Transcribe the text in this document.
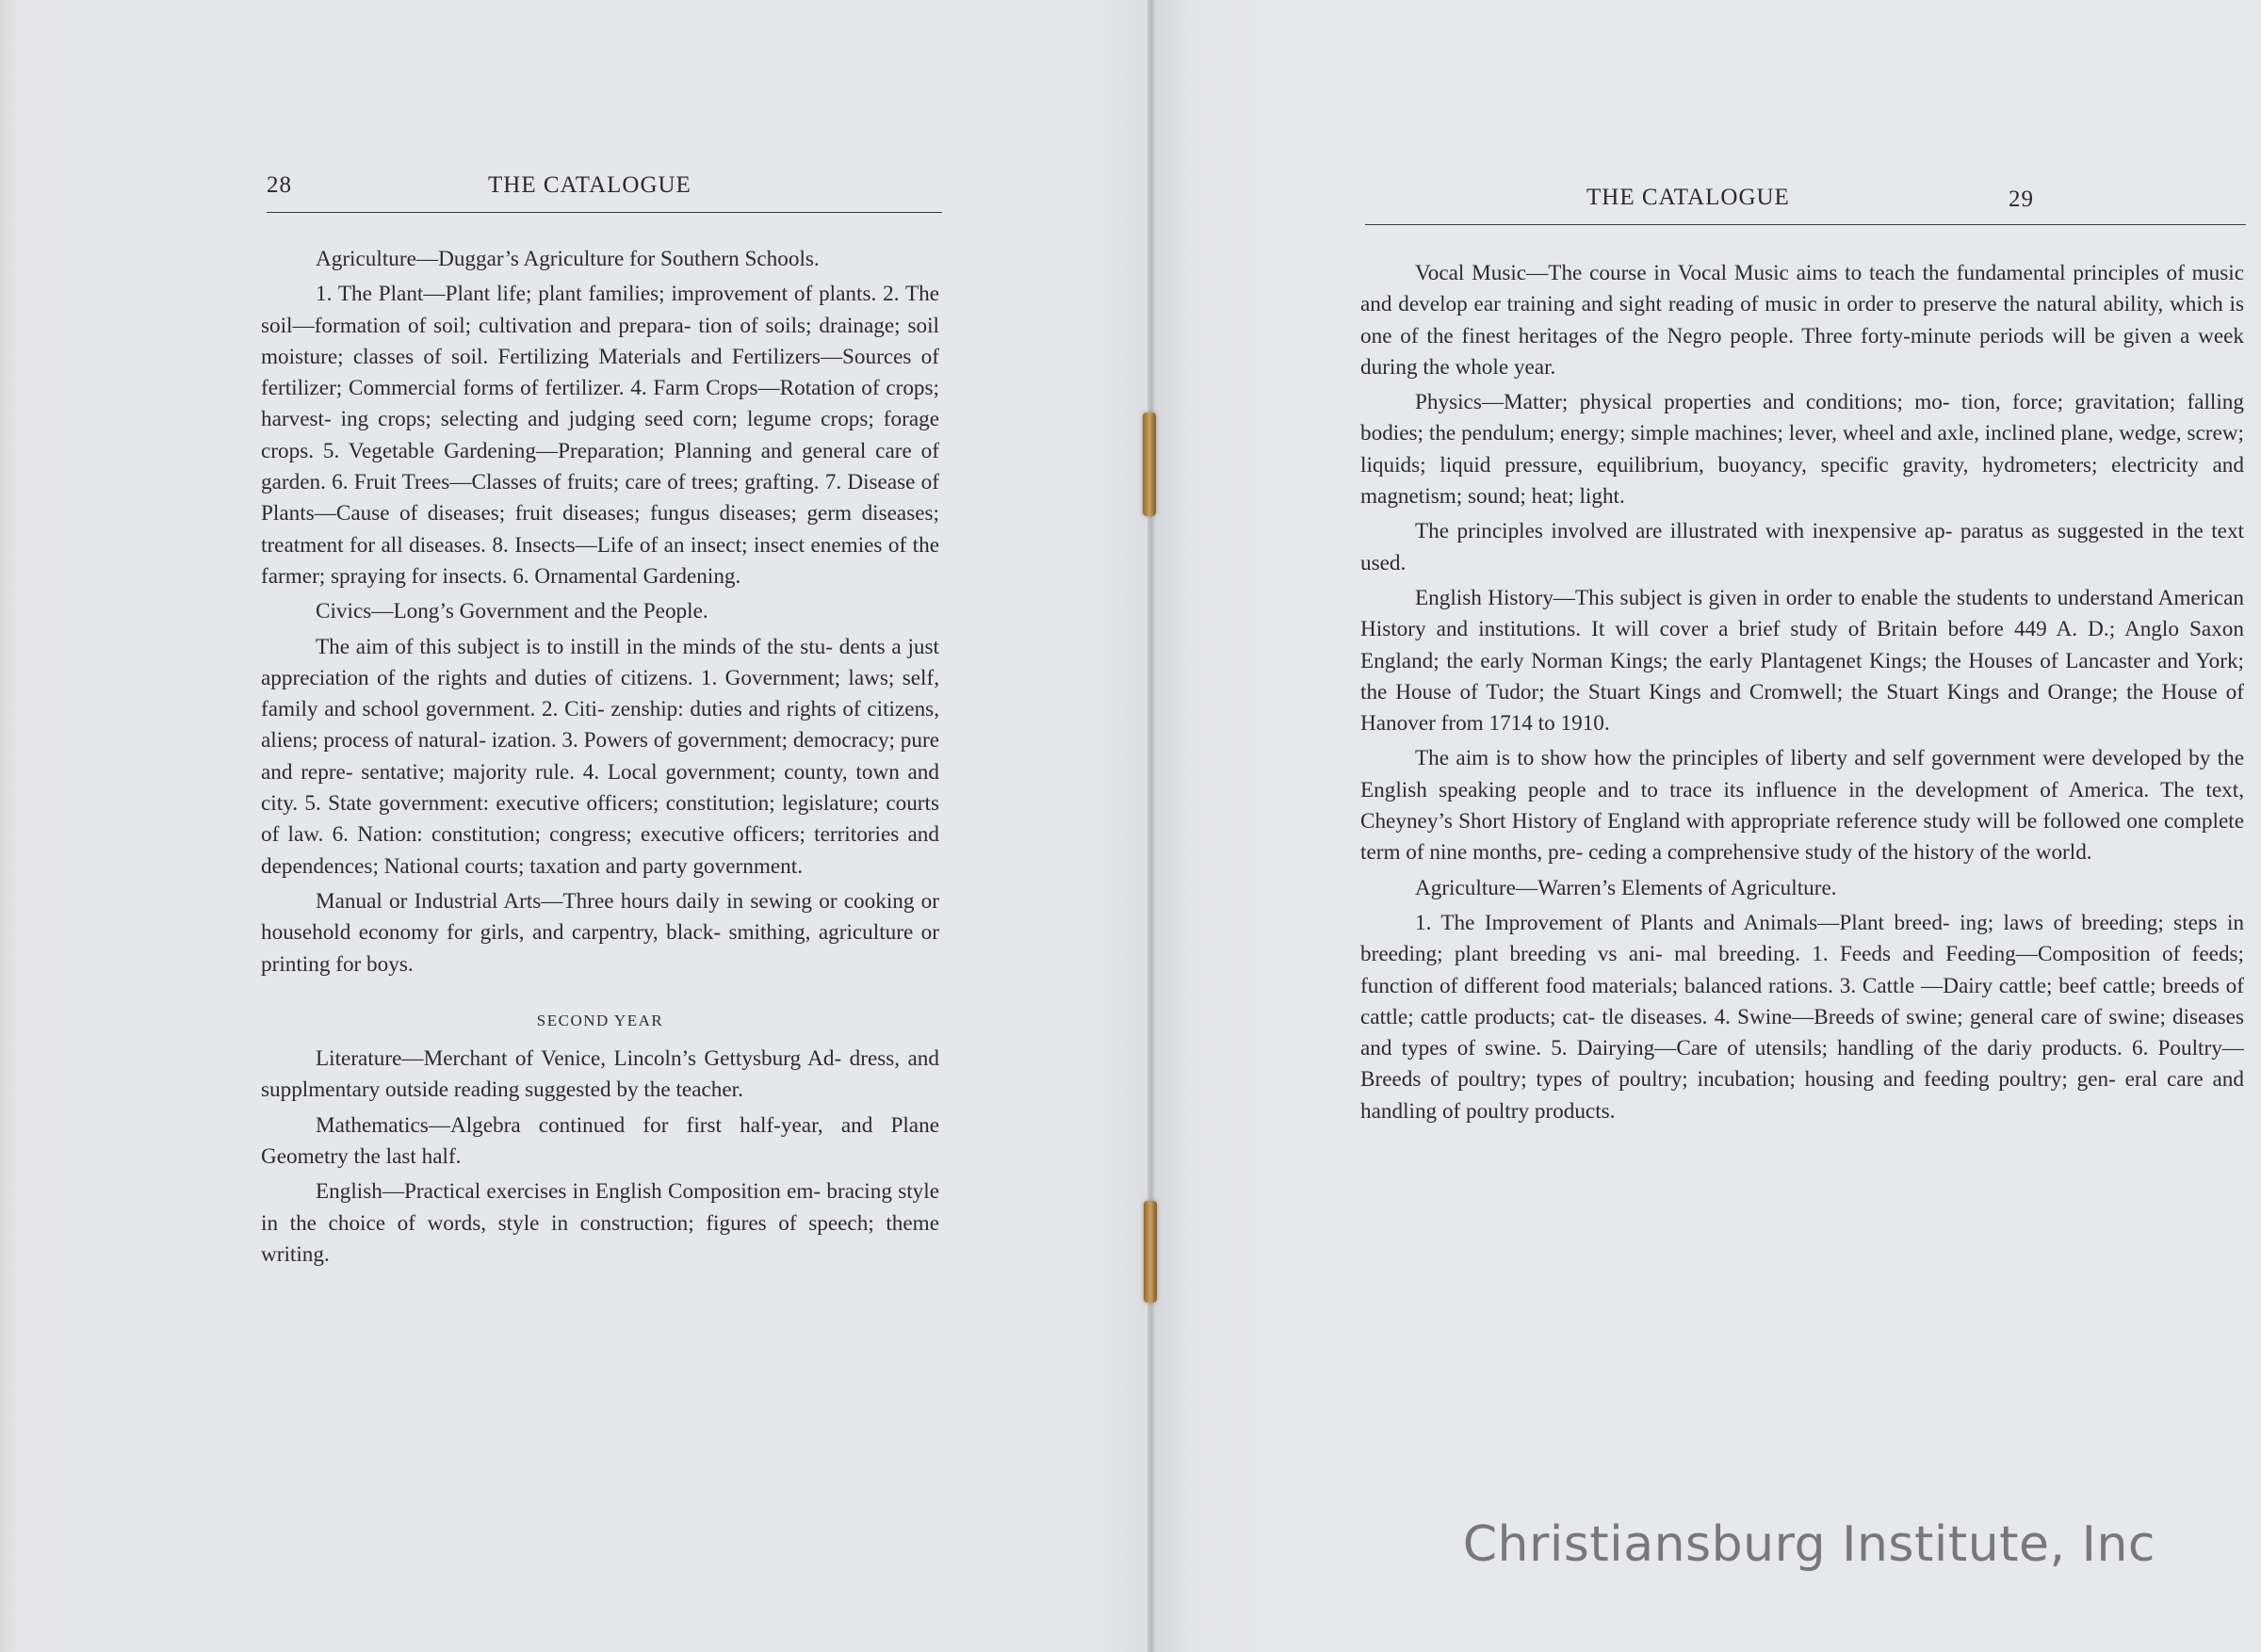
28	THE CATALOGUE

Agriculture—Duggar’s Agriculture for Southern Schools.

1. The Plant—Plant life; plant families; improvement of plants. 2. The soil—formation of soil; cultivation and prepara- tion of soils; drainage; soil moisture; classes of soil. Fertilizing Materials and Fertilizers—Sources of fertilizer; Commercial forms of fertilizer. 4. Farm Crops—Rotation of crops; harvest- ing crops; selecting and judging seed corn; legume crops; forage crops. 5. Vegetable Gardening—Preparation; Planning and general care of garden. 6. Fruit Trees—Classes of fruits; care of trees; grafting. 7. Disease of Plants—Cause of diseases; fruit diseases; fungus diseases; germ diseases; treatment for all diseases. 8. Insects—Life of an insect; insect enemies of the farmer; spraying for insects. 6. Ornamental Gardening.

Civics—Long’s Government and the People.

The aim of this subject is to instill in the minds of the stu- dents a just appreciation of the rights and duties of citizens. 1. Government; laws; self, family and school government. 2. Citi- zenship: duties and rights of citizens, aliens; process of natural- ization. 3. Powers of government; democracy; pure and repre- sentative; majority rule. 4. Local government; county, town and city. 5. State government: executive officers; constitution; legislature; courts of law. 6. Nation: constitution; congress; executive officers; territories and dependences; National courts; taxation and party government.

Manual or Industrial Arts—Three hours daily in sewing or cooking or household economy for girls, and carpentry, black- smithing, agriculture or printing for boys.

SECOND YEAR

Literature—Merchant of Venice, Lincoln’s Gettysburg Ad- dress, and supplmentary outside reading suggested by the teacher.

Mathematics—Algebra continued for first half-year, and Plane Geometry the last half.

English—Practical exercises in English Composition em- bracing style in the choice of words, style in construction; figures of speech; theme writing.

THE CATALOGUE	29

Vocal Music—The course in Vocal Music aims to teach the fundamental principles of music and develop ear training and sight reading of music in order to preserve the natural ability, which is one of the finest heritages of the Negro people. Three forty-minute periods will be given a week during the whole year.

Physics—Matter; physical properties and conditions; mo- tion, force; gravitation; falling bodies; the pendulum; energy; simple machines; lever, wheel and axle, inclined plane, wedge, screw; liquids; liquid pressure, equilibrium, buoyancy, specific gravity, hydrometers; electricity and magnetism; sound; heat; light.

The principles involved are illustrated with inexpensive ap- paratus as suggested in the text used.

English History—This subject is given in order to enable the students to understand American History and institutions. It will cover a brief study of Britain before 449 A. D.; Anglo Saxon England; the early Norman Kings; the early Plantagenet Kings; the Houses of Lancaster and York; the House of Tudor; the Stuart Kings and Cromwell; the Stuart Kings and Orange; the House of Hanover from 1714 to 1910.

The aim is to show how the principles of liberty and self government were developed by the English speaking people and to trace its influence in the development of America. The text, Cheyney’s Short History of England with appropriate reference study will be followed one complete term of nine months, pre- ceding a comprehensive study of the history of the world.

Agriculture—Warren’s Elements of Agriculture.

1. The Improvement of Plants and Animals—Plant breed- ing; laws of breeding; steps in breeding; plant breeding vs ani- mal breeding. 1. Feeds and Feeding—Composition of feeds; function of different food materials; balanced rations. 3. Cattle —Dairy cattle; beef cattle; breeds of cattle; cattle products; cat- tle diseases. 4. Swine—Breeds of swine; general care of swine; diseases and types of swine. 5. Dairying—Care of utensils; handling of the dariy products. 6. Poultry—Breeds of poultry; types of poultry; incubation; housing and feeding poultry; gen- eral care and handling of poultry products.

Christiansburg Institute, Inc
